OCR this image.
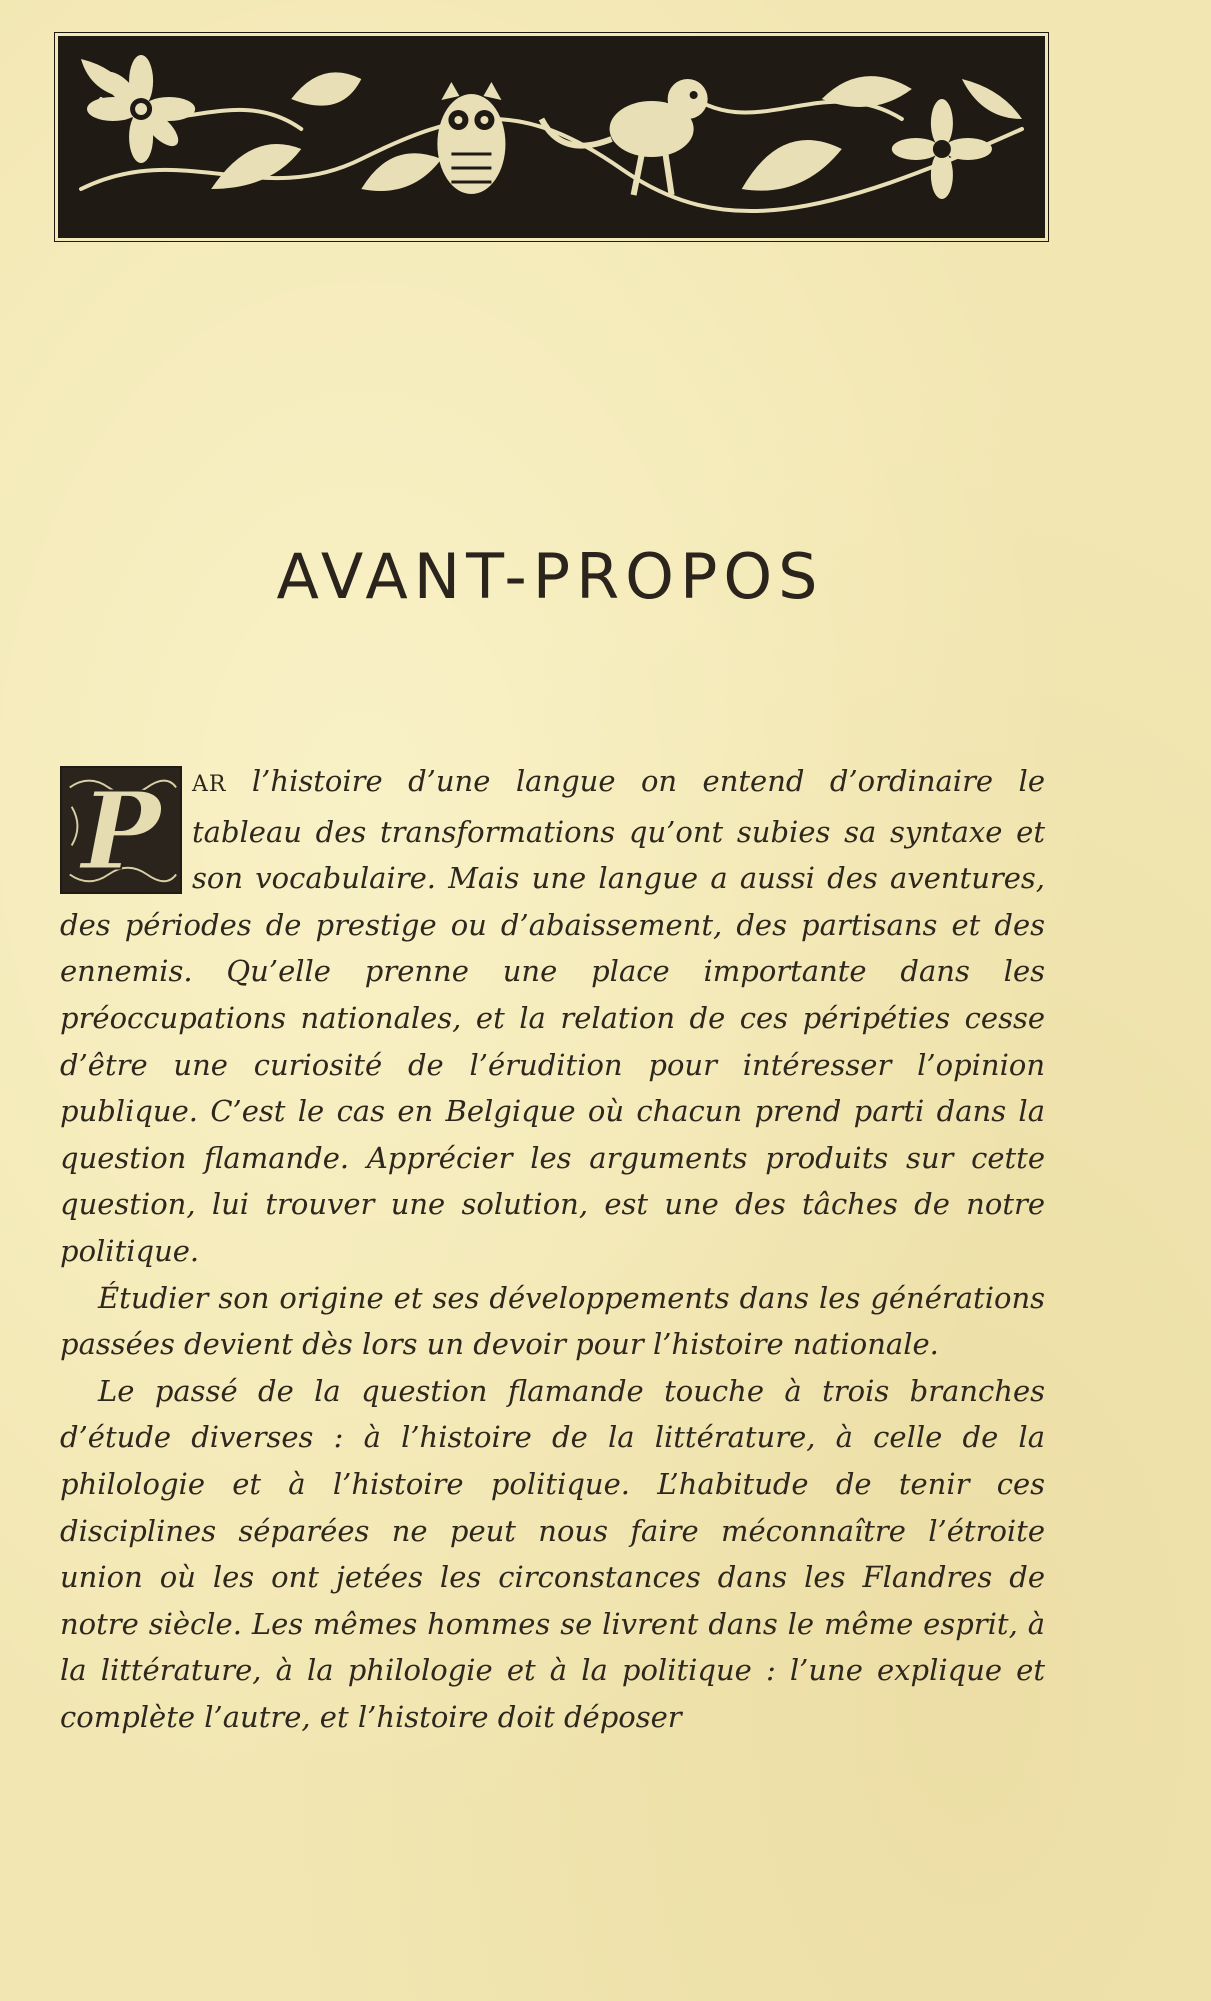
AVANT-PROPOS

P AR l’histoire d’une langue on entend d’ordinaire le tableau des transformations qu’ont subies sa syntaxe et son vocabulaire. Mais une langue a aussi des aventures, des périodes de prestige ou d’abaissement, des partisans et des ennemis. Qu’elle prenne une place importante dans les préoccupations nationales, et la relation de ces péripéties cesse d’être une curiosité de l’érudition pour intéresser l’opinion publique. C’est le cas en Belgique où chacun prend parti dans la question flamande. Apprécier les arguments produits sur cette question, lui trouver une solution, est une des tâches de notre politique.

Étudier son origine et ses développements dans les générations passées devient dès lors un devoir pour l’histoire nationale.

Le passé de la question flamande touche à trois branches d’étude diverses : à l’histoire de la littérature, à celle de la philologie et à l’histoire politique. L’habitude de tenir ces disciplines séparées ne peut nous faire méconnaître l’étroite union où les ont jetées les circonstances dans les Flandres de notre siècle. Les mêmes hommes se livrent dans le même esprit, à la littérature, à la philologie et à la politique : l’une explique et complète l’autre, et l’histoire doit déposer
